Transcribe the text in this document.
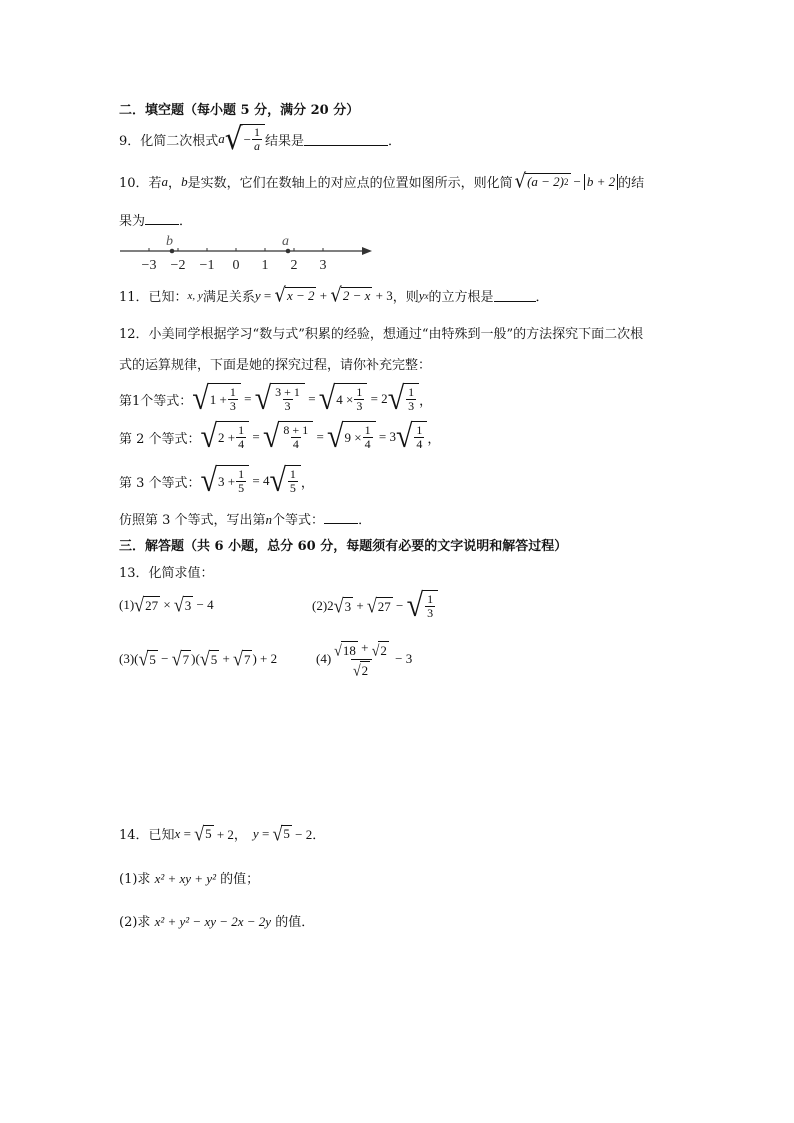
二．填空题（每小题 5 分，满分 20 分）
9．化简二次根式 a √ − $\frac{1}{a}$ 结果是	．
10．若 a ， b 是实数，它们在数轴上的对应点的位置如图所示，则化简 √ (a − 2) 2 − b + 2 的结
果为	．
−3 −2 −1 0 1 2 3
b	a
11．已知： x, y 满足关系 y = √ x − 2 + √ 2 − x + 3 ，则 y x 的立方根是	．
12．小美同学根据学习“数与式”积累的经验，想通过“由特殊到一般”的方法探究下面二次根
式的运算规律，下面是她的探究过程，请你补充完整：
第1个等式： √ $1 + \frac{1}{3}$ = √ $\frac{3 + 1}{3}$ = √ $4 \times \frac{1}{3} = 2$ √ $\frac{1}{3}$ ，
第 2 个等式： √ $2 + \frac{1}{4}$ = √ $\frac{8 + 1}{4}$ = √ $9 \times \frac{1}{4} = 3$ √ $\frac{1}{4}$ ，
第 3 个等式： √ $3 + \frac{1}{5} = 4$ √ $\frac{1}{5}$ ，
仿照第 3 个等式，写出第n个等式：	．
三．解答题（共 6 小题，总分 60 分，每题须有必要的文字说明和解答过程）
13．化简求值：
(1) √ 27 × √ 3 − 4	(2) 2 √ 3 + √ 27 − √ $\frac{1}{3}$
(3) ( √ 5 − √ 7 )( √ 5 + √ 7 ) + 2	$(4) \frac{√ 18 + √ 2}{√ 2} - 3$
14．已知 x = √ 5 + 2， y = √ 5 − 2．
(1)求 x² + xy + y² 的值；
(2)求 x² + y² − xy − 2x − 2y 的值．
